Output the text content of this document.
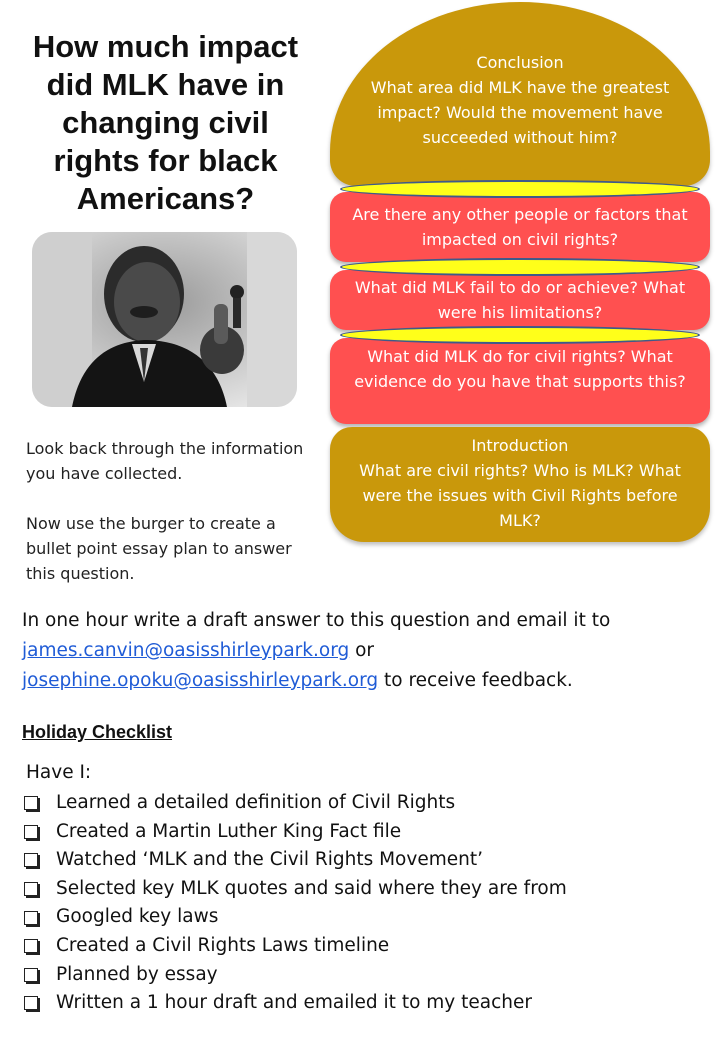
How much impact did MLK have in changing civil rights for black Americans?

Look back through the information you have collected.

Now use the burger to create a bullet point essay plan to answer this question.

Conclusion
What area did MLK have the greatest impact? Would the movement have succeeded without him?
Are there any other people or factors that impacted on civil rights?
What did MLK fail to do or achieve? What were his limitations?
What did MLK do for civil rights? What evidence do you have that supports this?
Introduction
What are civil rights? Who is MLK? What were the issues with Civil Rights before MLK?
In one hour write a draft answer to this question and email it to james.canvin@oasisshirleypark.org or josephine.opoku@oasisshirleypark.org to receive feedback.
Holiday Checklist
Have I:
Learned a detailed definition of Civil Rights
Created a Martin Luther King Fact file
Watched ‘MLK and the Civil Rights Movement’
Selected key MLK quotes and said where they are from
Googled key laws
Created a Civil Rights Laws timeline
Planned by essay
Written a 1 hour draft and emailed it to my teacher
